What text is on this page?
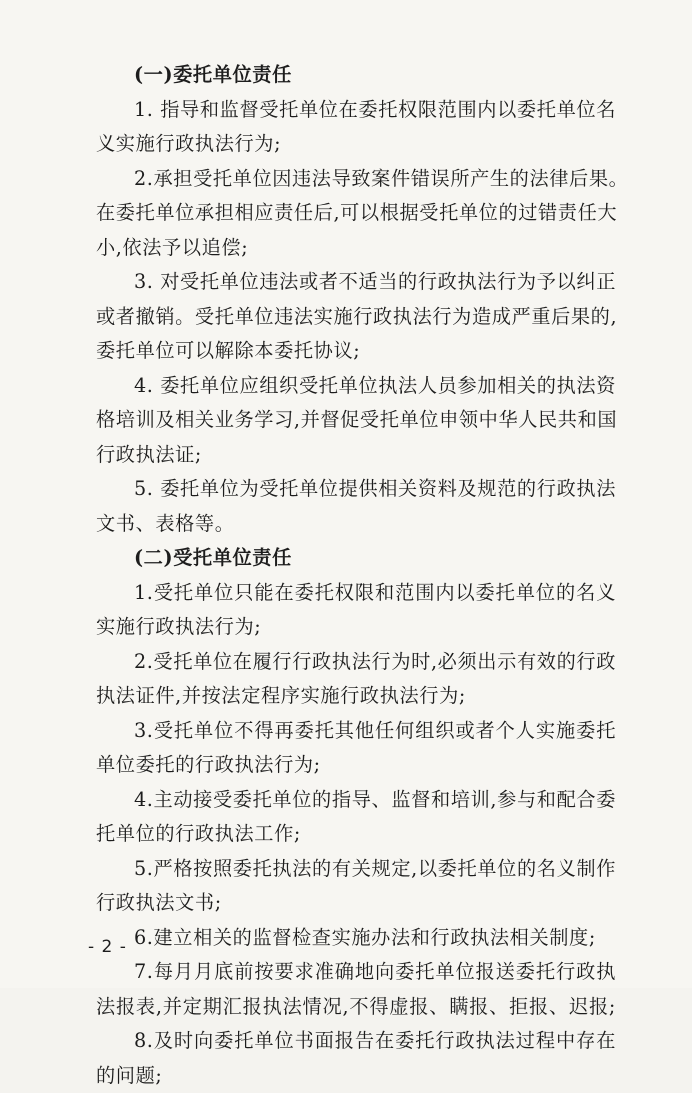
(一)委托单位责任
1. 指导和监督受托单位在委托权限范围内以委托单位名
义实施行政执法行为;
2.承担受托单位因违法导致案件错误所产生的法律后果。
在委托单位承担相应责任后,可以根据受托单位的过错责任大
小,依法予以追偿;
3. 对受托单位违法或者不适当的行政执法行为予以纠正
或者撤销。受托单位违法实施行政执法行为造成严重后果的,
委托单位可以解除本委托协议;
4. 委托单位应组织受托单位执法人员参加相关的执法资
格培训及相关业务学习,并督促受托单位申领中华人民共和国
行政执法证;
5. 委托单位为受托单位提供相关资料及规范的行政执法
文书、表格等。
(二)受托单位责任
1.受托单位只能在委托权限和范围内以委托单位的名义
实施行政执法行为;
2.受托单位在履行行政执法行为时,必须出示有效的行政
执法证件,并按法定程序实施行政执法行为;
3.受托单位不得再委托其他任何组织或者个人实施委托
单位委托的行政执法行为;
4.主动接受委托单位的指导、监督和培训,参与和配合委
托单位的行政执法工作;
5.严格按照委托执法的有关规定,以委托单位的名义制作
行政执法文书;
6.建立相关的监督检查实施办法和行政执法相关制度;
7.每月月底前按要求准确地向委托单位报送委托行政执
法报表,并定期汇报执法情况,不得虚报、瞒报、拒报、迟报;
8.及时向委托单位书面报告在委托行政执法过程中存在
的问题;
- 2 -
